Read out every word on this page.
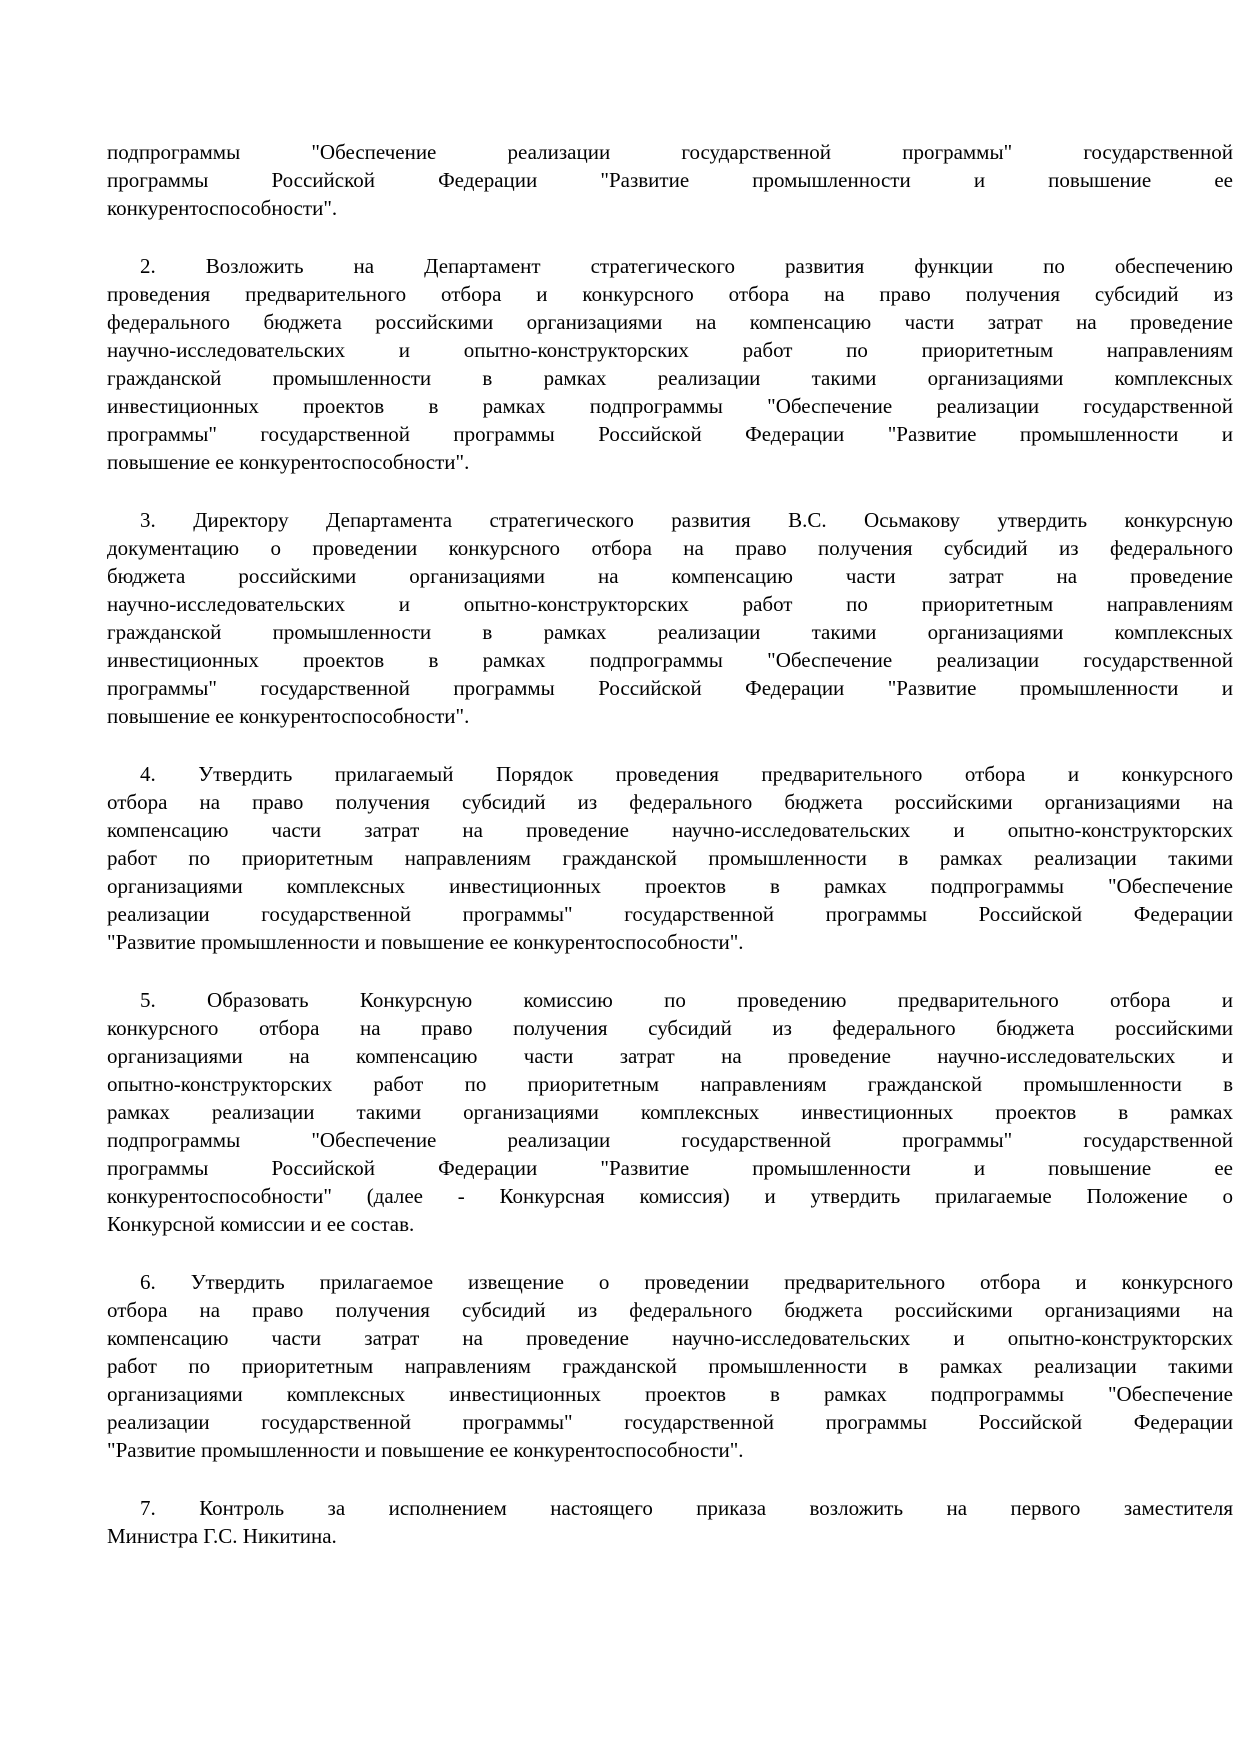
подпрограммы "Обеспечение реализации государственной программы" государственной
программы Российской Федерации "Развитие промышленности и повышение ее
конкурентоспособности".
2. Возложить на Департамент стратегического развития функции по обеспечению
проведения предварительного отбора и конкурсного отбора на право получения субсидий из
федерального бюджета российскими организациями на компенсацию части затрат на проведение
научно-исследовательских и опытно-конструкторских работ по приоритетным направлениям
гражданской промышленности в рамках реализации такими организациями комплексных
инвестиционных проектов в рамках подпрограммы "Обеспечение реализации государственной
программы" государственной программы Российской Федерации "Развитие промышленности и
повышение ее конкурентоспособности".
3. Директору Департамента стратегического развития В.С. Осьмакову утвердить конкурсную
документацию о проведении конкурсного отбора на право получения субсидий из федерального
бюджета российскими организациями на компенсацию части затрат на проведение
научно-исследовательских и опытно-конструкторских работ по приоритетным направлениям
гражданской промышленности в рамках реализации такими организациями комплексных
инвестиционных проектов в рамках подпрограммы "Обеспечение реализации государственной
программы" государственной программы Российской Федерации "Развитие промышленности и
повышение ее конкурентоспособности".
4. Утвердить прилагаемый Порядок проведения предварительного отбора и конкурсного
отбора на право получения субсидий из федерального бюджета российскими организациями на
компенсацию части затрат на проведение научно-исследовательских и опытно-конструкторских
работ по приоритетным направлениям гражданской промышленности в рамках реализации такими
организациями комплексных инвестиционных проектов в рамках подпрограммы "Обеспечение
реализации государственной программы" государственной программы Российской Федерации
"Развитие промышленности и повышение ее конкурентоспособности".
5. Образовать Конкурсную комиссию по проведению предварительного отбора и
конкурсного отбора на право получения субсидий из федерального бюджета российскими
организациями на компенсацию части затрат на проведение научно-исследовательских и
опытно-конструкторских работ по приоритетным направлениям гражданской промышленности в
рамках реализации такими организациями комплексных инвестиционных проектов в рамках
подпрограммы "Обеспечение реализации государственной программы" государственной
программы Российской Федерации "Развитие промышленности и повышение ее
конкурентоспособности" (далее - Конкурсная комиссия) и утвердить прилагаемые Положение о
Конкурсной комиссии и ее состав.
6. Утвердить прилагаемое извещение о проведении предварительного отбора и конкурсного
отбора на право получения субсидий из федерального бюджета российскими организациями на
компенсацию части затрат на проведение научно-исследовательских и опытно-конструкторских
работ по приоритетным направлениям гражданской промышленности в рамках реализации такими
организациями комплексных инвестиционных проектов в рамках подпрограммы "Обеспечение
реализации государственной программы" государственной программы Российской Федерации
"Развитие промышленности и повышение ее конкурентоспособности".
7. Контроль за исполнением настоящего приказа возложить на первого заместителя
Министра Г.С. Никитина.
